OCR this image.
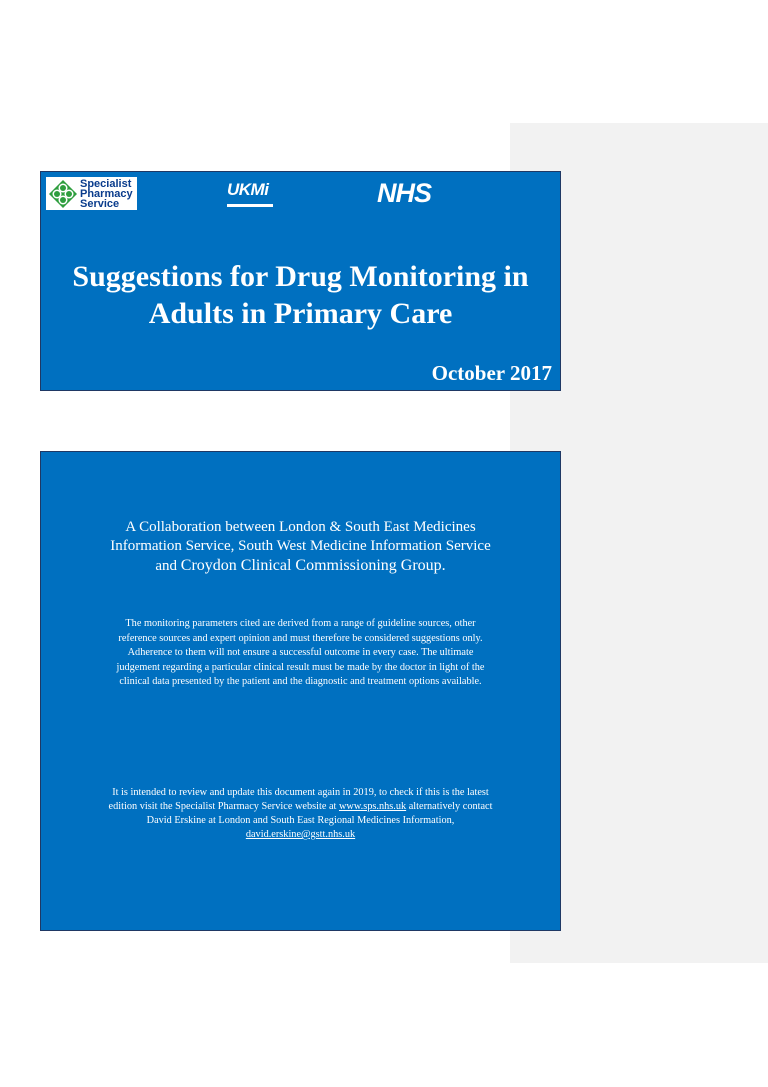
Specialist
Pharmacy
Service
UKMi	NHS
Suggestions for Drug Monitoring in
Adults in Primary Care

October 2017

A Collaboration between London & South East Medicines
Information Service, South West Medicine Information Service
and Croydon Clinical Commissioning Group.
The monitoring parameters cited are derived from a range of guideline sources, other
reference sources and expert opinion and must therefore be considered suggestions only.
Adherence to them will not ensure a successful outcome in every case. The ultimate
judgement regarding a particular clinical result must be made by the doctor in light of the
clinical data presented by the patient and the diagnostic and treatment options available.
It is intended to review and update this document again in 2019, to check if this is the latest
edition visit the Specialist Pharmacy Service website at www.sps.nhs.uk alternatively contact
David Erskine at London and South East Regional Medicines Information,
david.erskine@gstt.nhs.uk
